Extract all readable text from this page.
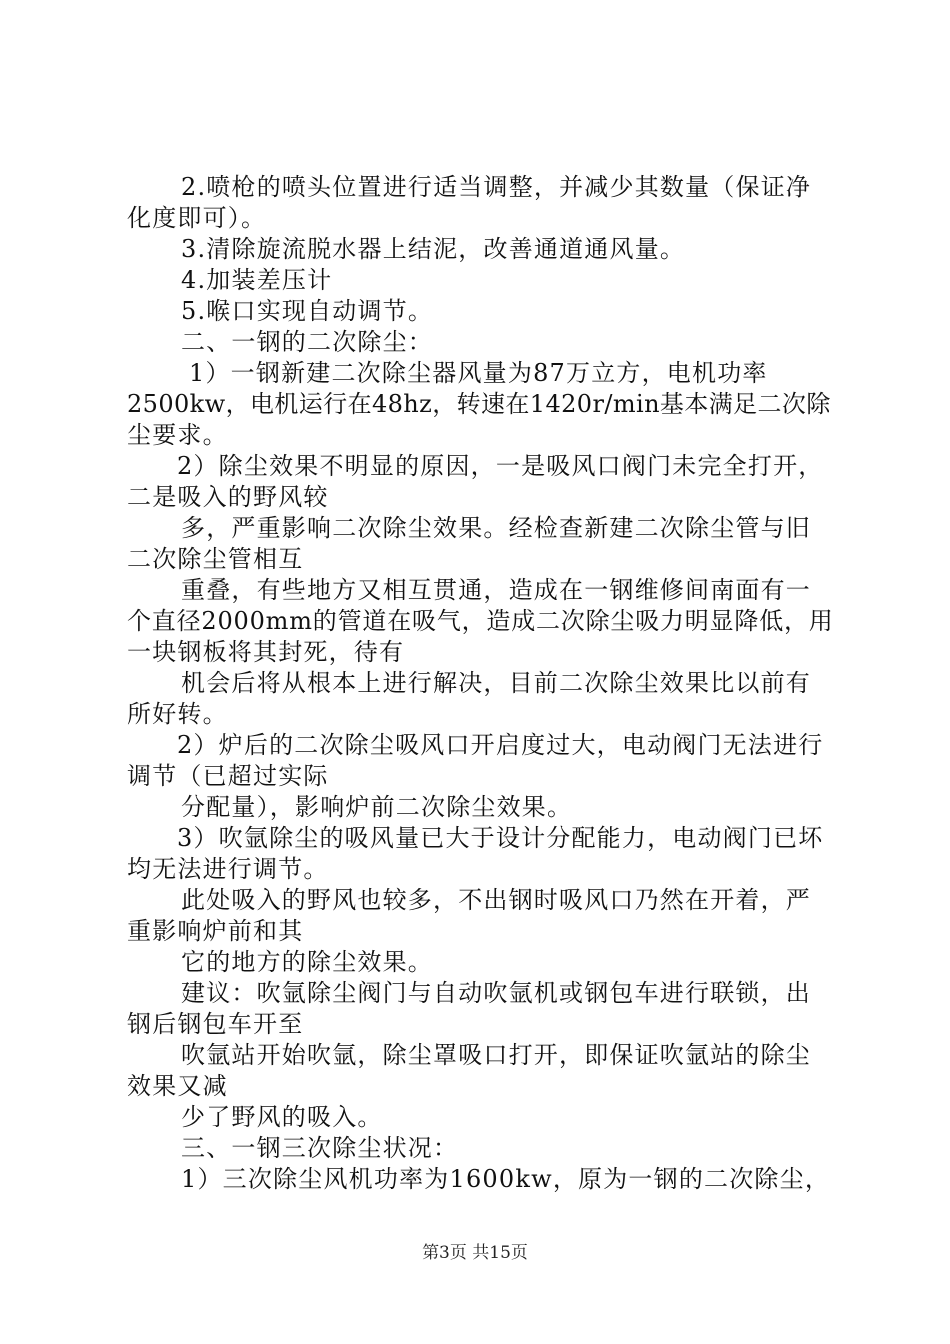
2.喷枪的喷头位置进行适当调整，并减少其数量（保证净
化度即可）。
3.清除旋流脱水器上结泥，改善通道通风量。
4.加装差压计
5.喉口实现自动调节。
二、一钢的二次除尘：
1）一钢新建二次除尘器风量为87万立方，电机功率
2500kw，电机运行在48hz，转速在1420r/min基本满足二次除
尘要求。
2）除尘效果不明显的原因，一是吸风口阀门未完全打开，
二是吸入的野风较
多，严重影响二次除尘效果。经检查新建二次除尘管与旧
二次除尘管相互
重叠，有些地方又相互贯通，造成在一钢维修间南面有一
个直径2000mm的管道在吸气，造成二次除尘吸力明显降低，用
一块钢板将其封死，待有
机会后将从根本上进行解决，目前二次除尘效果比以前有
所好转。
2）炉后的二次除尘吸风口开启度过大，电动阀门无法进行
调节（已超过实际
分配量），影响炉前二次除尘效果。
3）吹氩除尘的吸风量已大于设计分配能力，电动阀门已坏
均无法进行调节。
此处吸入的野风也较多，不出钢时吸风口乃然在开着，严
重影响炉前和其
它的地方的除尘效果。
建议：吹氩除尘阀门与自动吹氩机或钢包车进行联锁，出
钢后钢包车开至
吹氩站开始吹氩，除尘罩吸口打开，即保证吹氩站的除尘
效果又减
少了野风的吸入。
三、一钢三次除尘状况：
1）三次除尘风机功率为1600kw，原为一钢的二次除尘，
第3页 共15页
